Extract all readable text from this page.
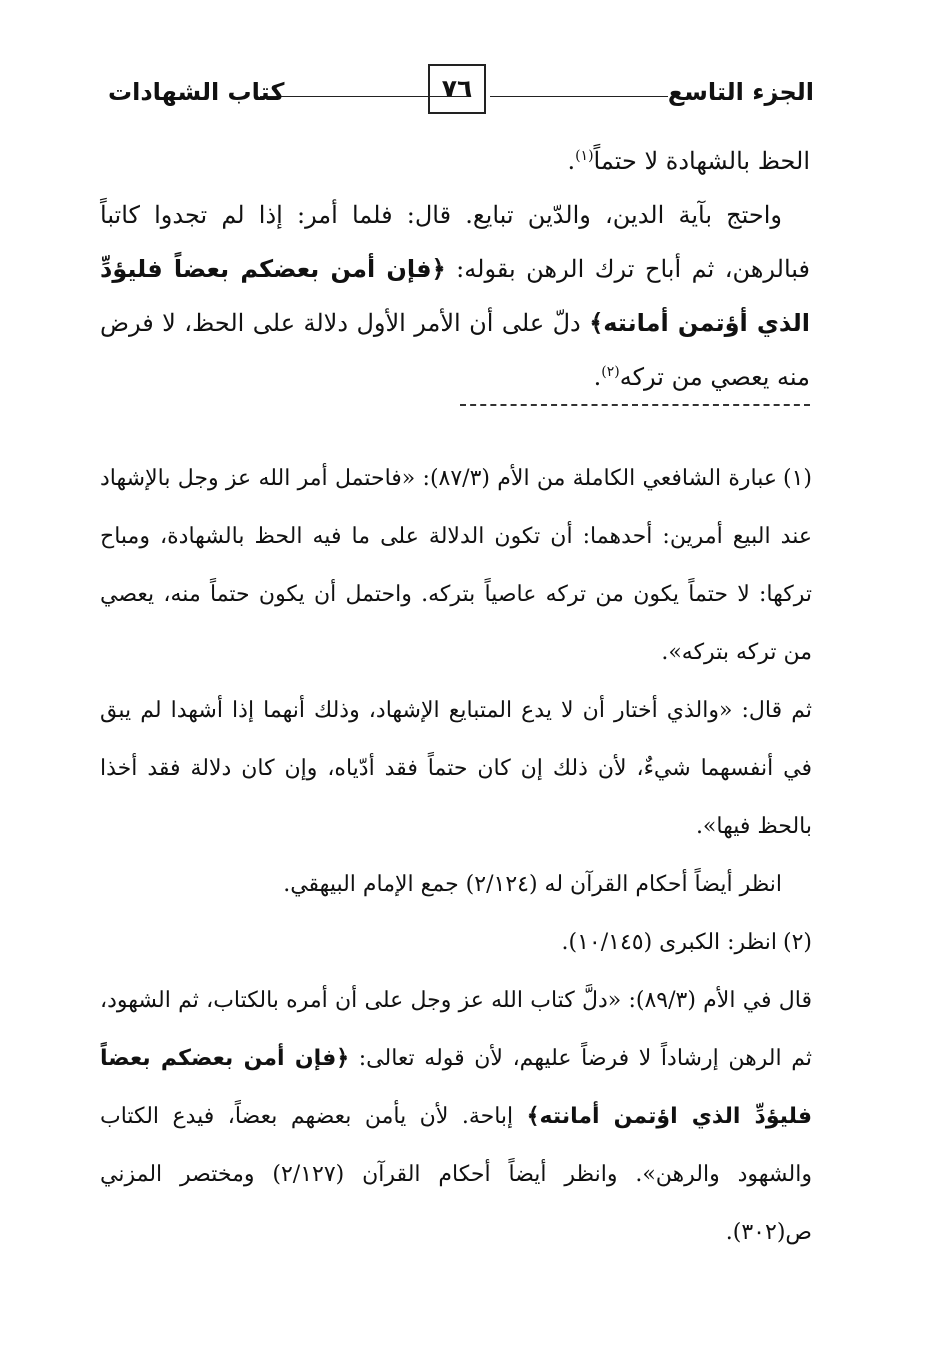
الجزء التاسع
٧٦
كتاب الشهادات

الحظ بالشهادة لا حتماً$^{(١)}$.

واحتج بآية الدين، والدّين تبايع. قال: فلما أمر: إذا لم تجدوا كاتباً فبالرهن، ثم أباح ترك الرهن بقوله: ﴿فإن أمن بعضكم بعضاً فليؤدِّ الذي أؤتمن أمانته﴾ دلّ على أن الأمر الأول دلالة على الحظ، لا فرض منه يعصي من تركه$^{(٢)}$.

(١)عبارة الشافعي الكاملة من الأم (٨٧/٣): «فاحتمل أمر الله عز وجل بالإشهاد عند البيع أمرين: أحدهما: أن تكون الدلالة على ما فيه الحظ بالشهادة، ومباح تركها: لا حتماً يكون من تركه عاصياً بتركه. واحتمل أن يكون حتماً منه، يعصي من تركه بتركه».

ثم قال: «والذي أختار أن لا يدع المتبايع الإشهاد، وذلك أنهما إذا أشهدا لم يبق في أنفسهما شيءٌ، لأن ذلك إن كان حتماً فقد أدّياه، وإن كان دلالة فقد أخذا بالحظ فيها».

انظر أيضاً أحكام القرآن له (٢/١٢٤) جمع الإمام البيهقي.

(٢)انظر: الكبرى (١٠/١٤٥).

قال في الأم (٨٩/٣): «دلَّ كتاب الله عز وجل على أن أمره بالكتاب، ثم الشهود، ثم الرهن إرشاداً لا فرضاً عليهم، لأن قوله تعالى: ﴿فإن أمن بعضكم بعضاً فليؤدِّ الذي اؤتمن أمانته﴾ إباحة. لأن يأمن بعضهم بعضاً، فيدع الكتاب والشهود والرهن». وانظر أيضاً أحكام القرآن (٢/١٢٧) ومختصر المزني ص(٣٠٢).
